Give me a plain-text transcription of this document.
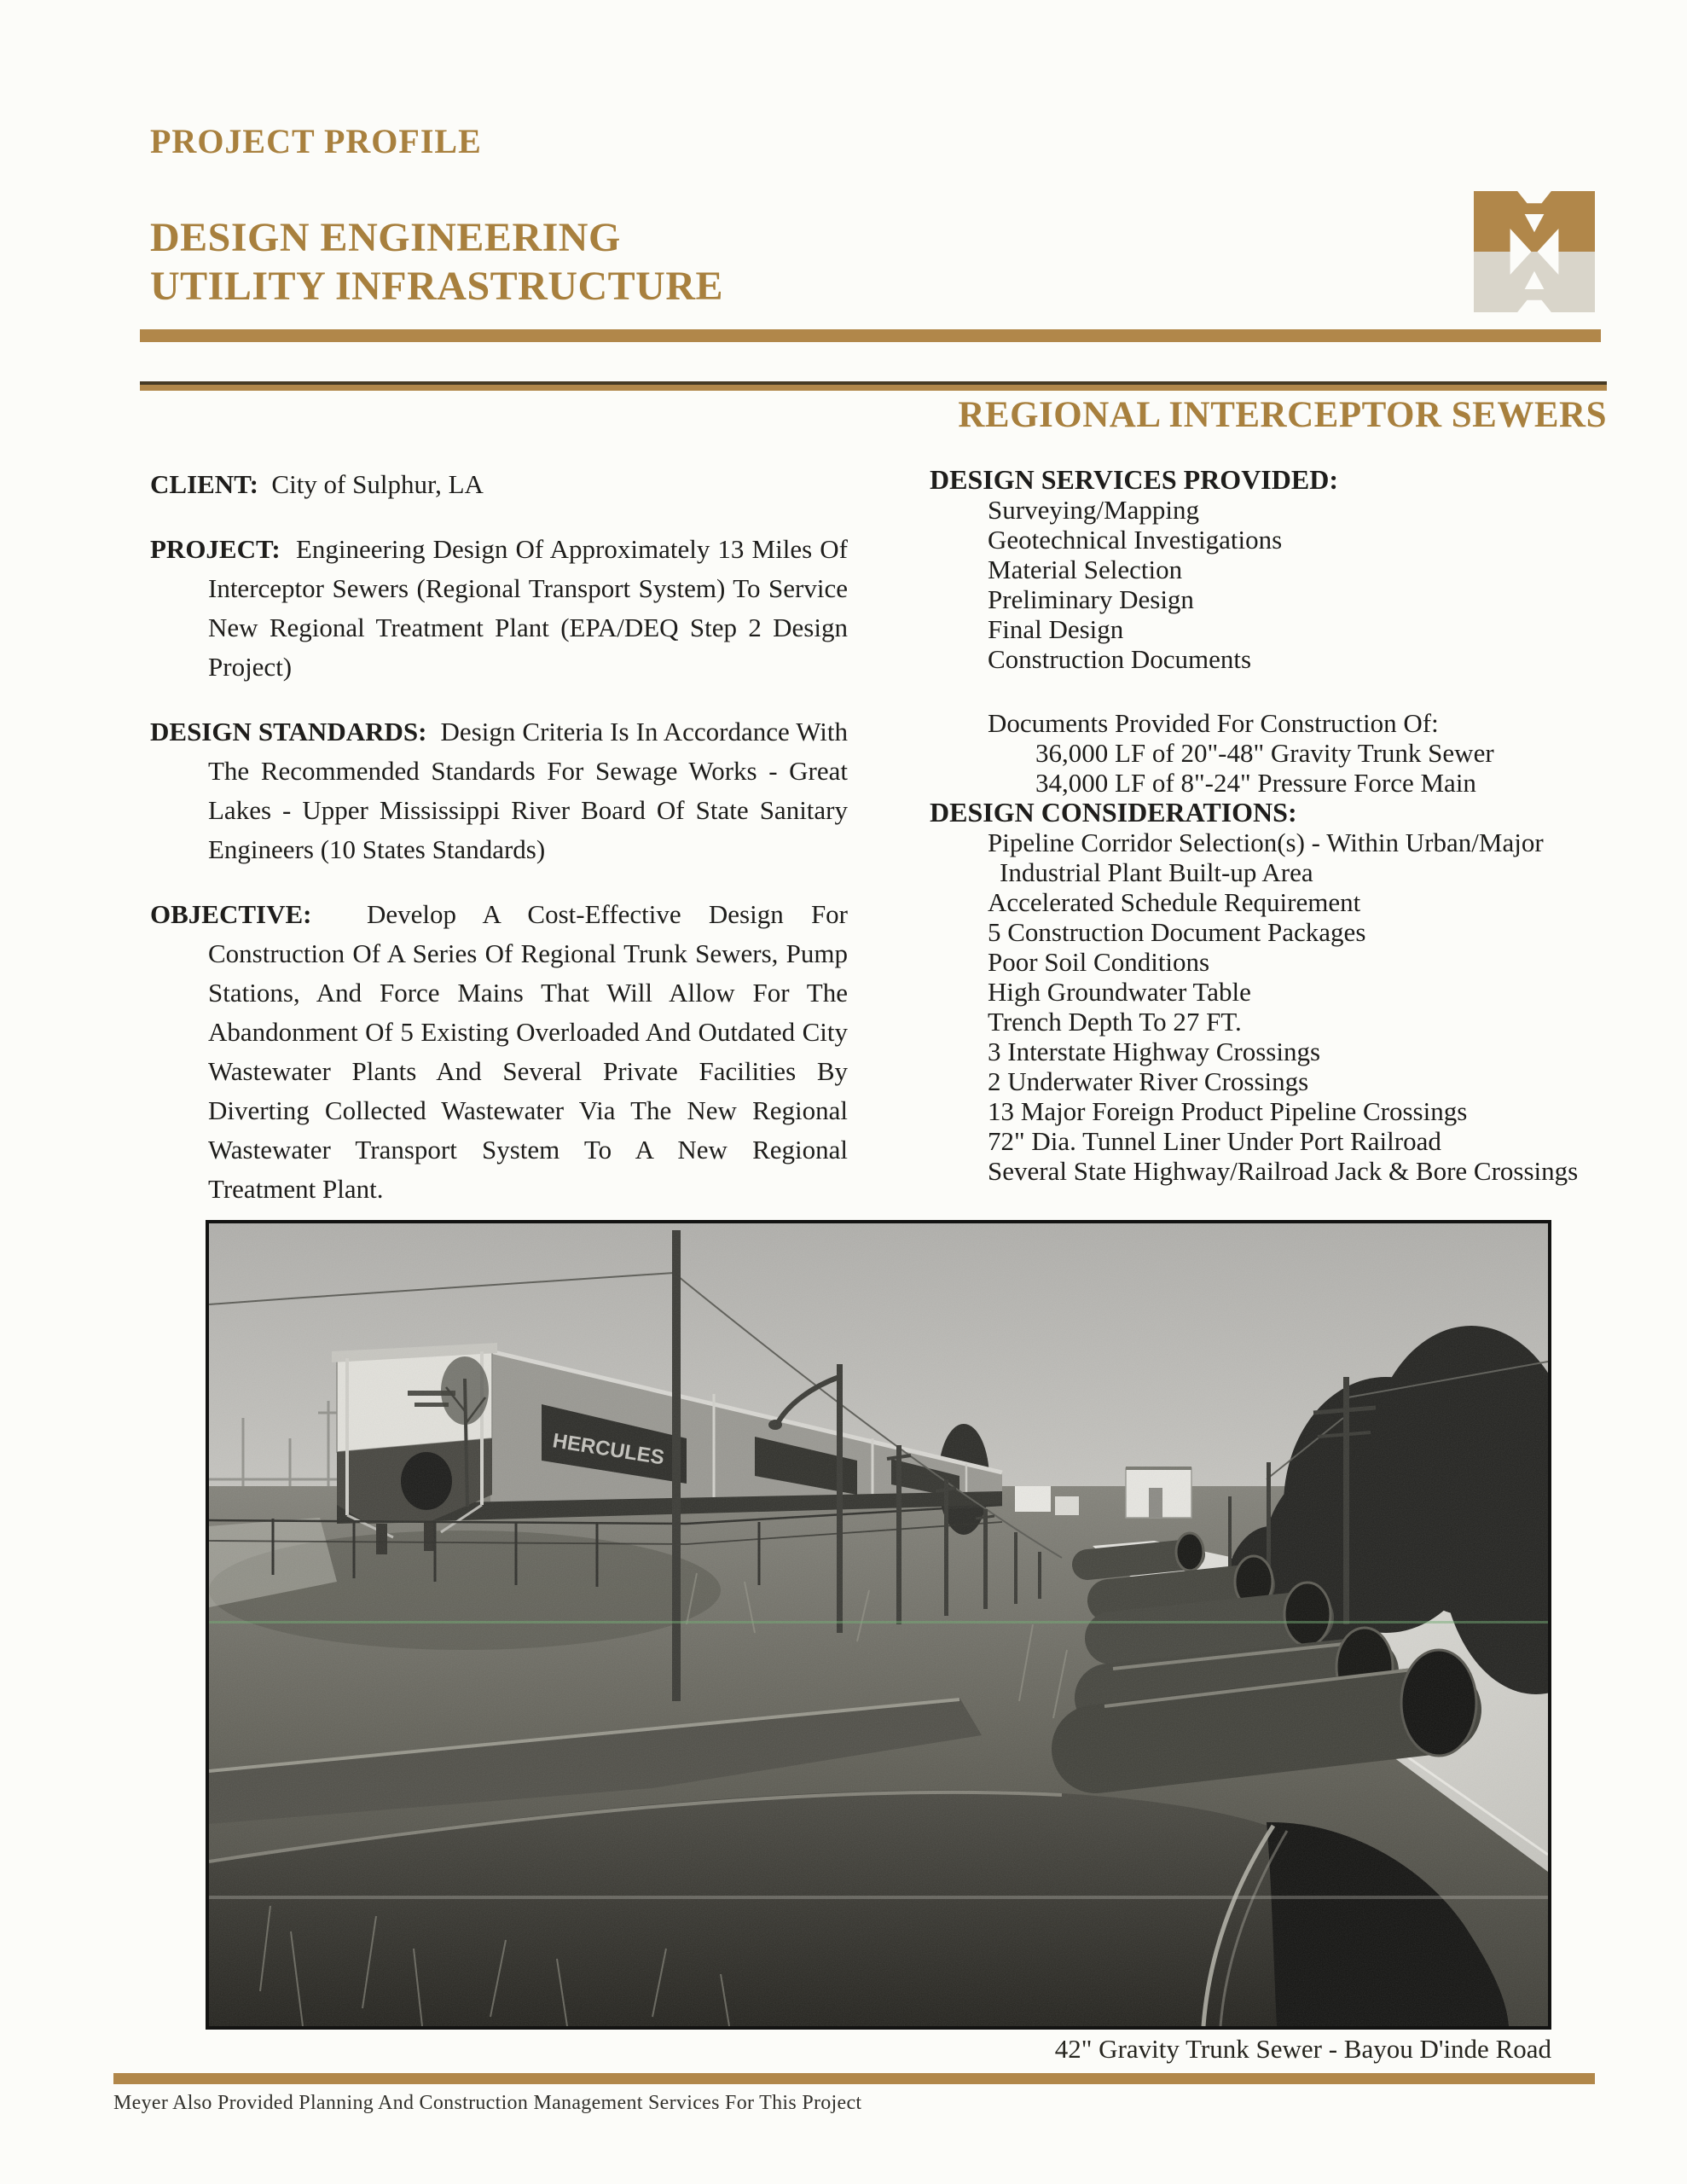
PROJECT PROFILE
DESIGN ENGINEERING
UTILITY INFRASTRUCTURE
REGIONAL INTERCEPTOR SEWERS

CLIENT: City of Sulphur, LA

PROJECT: Engineering Design Of Approximately 13 Miles Of Interceptor Sewers (Regional Transport System) To Service New Regional Treatment Plant (EPA/DEQ Step 2 Design Project)

DESIGN STANDARDS: Design Criteria Is In Accordance With The Recommended Standards For Sewage Works - Great Lakes - Upper Mississippi River Board Of State Sanitary Engineers (10 States Standards)

OBJECTIVE: Develop A Cost-Effective Design For Construction Of A Series Of Regional Trunk Sewers, Pump Stations, And Force Mains That Will Allow For The Abandonment Of 5 Existing Overloaded And Outdated City Wastewater Plants And Several Private Facilities By Diverting Collected Wastewater Via The New Regional Wastewater Transport System To A New Regional Treatment Plant.

DESIGN SERVICES PROVIDED:
Surveying/Mapping
Geotechnical Investigations
Material Selection
Preliminary Design
Final Design
Construction Documents
Documents Provided For Construction Of:
36,000 LF of 20"-48" Gravity Trunk Sewer
34,000 LF of 8"-24" Pressure Force Main
DESIGN CONSIDERATIONS:
Pipeline Corridor Selection(s) - Within Urban/Major
Industrial Plant Built-up Area
Accelerated Schedule Requirement
5 Construction Document Packages
Poor Soil Conditions
High Groundwater Table
Trench Depth To 27 FT.
3 Interstate Highway Crossings
2 Underwater River Crossings
13 Major Foreign Product Pipeline Crossings
72" Dia. Tunnel Liner Under Port Railroad
Several State Highway/Railroad Jack & Bore Crossings
HERCULES
42" Gravity Trunk Sewer - Bayou D'inde Road
Meyer Also Provided Planning And Construction Management Services For This Project
